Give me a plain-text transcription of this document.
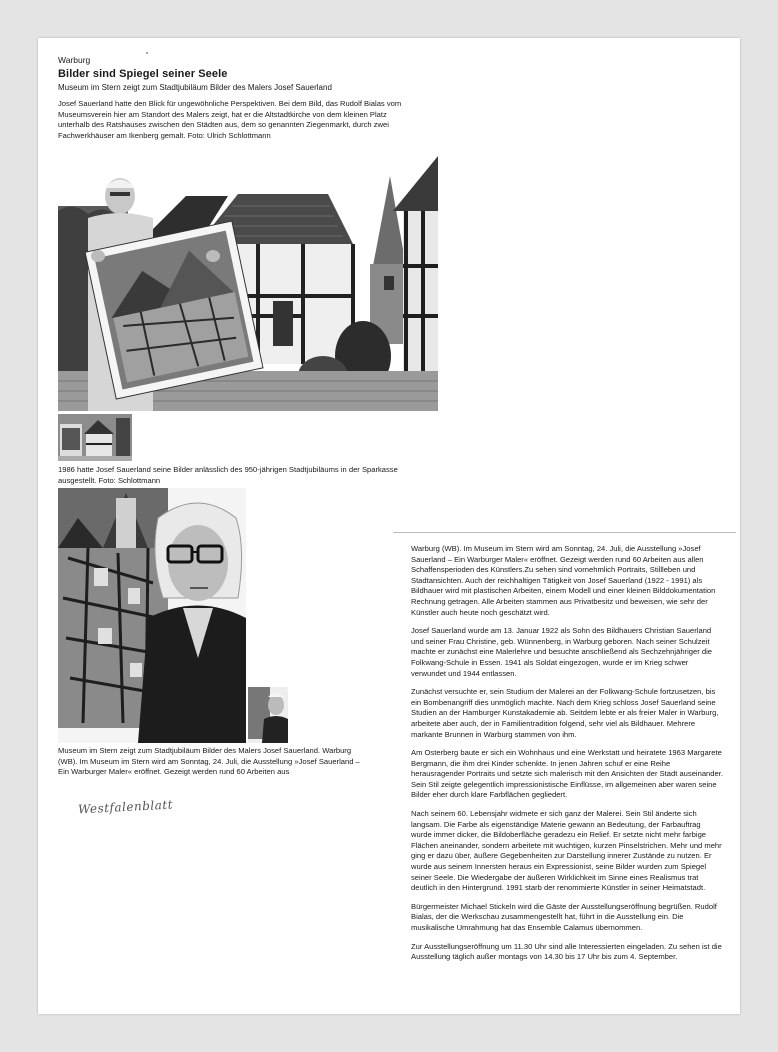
Warburg
Bilder sind Spiegel seiner Seele
Museum im Stern zeigt zum Stadtjubiläum Bilder des Malers Josef Sauerland
Josef Sauerland hatte den Blick für ungewöhnliche Perspektiven. Bei dem Bild, das Rudolf Bialas vom Museumsverein hier am Standort des Malers zeigt, hat er die Altstadtkirche von dem kleinen Platz unterhalb des Ratshauses zwischen den Städten aus, dem so genannten Ziegenmarkt, durch zwei Fachwerkhäuser am Ikenberg gemalt. Foto: Ulrich Schlottmann
1986 hatte Josef Sauerland seine Bilder anlässlich des 950-jährigen Stadtjubiläums in der Sparkasse ausgestellt. Foto: Schlottmann
Museum im Stern zeigt zum Stadtjubiläum Bilder des Malers Josef Sauerland. Warburg (WB). Im Museum im Stern wird am Sonntag, 24. Juli, die Ausstellung »Josef Sauerland – Ein Warburger Maler« eröffnet. Gezeigt werden rund 60 Arbeiten aus
Westfalenblatt

Warburg (WB). Im Museum im Stern wird am Sonntag, 24. Juli, die Ausstellung »Josef Sauerland – Ein Warburger Maler« eröffnet. Gezeigt werden rund 60 Arbeiten aus allen Schaffensperioden des Künstlers.Zu sehen sind vornehmlich Portraits, Stillleben und Stadtansichten. Auch der reichhaltigen Tätigkeit von Josef Sauerland (1922 - 1991) als Bildhauer wird mit plastischen Arbeiten, einem Modell und einer kleinen Bilddokumentation Rechnung getragen. Alle Arbeiten stammen aus Privatbesitz und beweisen, wie sehr der Künstler auch heute noch geschätzt wird.

Josef Sauerland wurde am 13. Januar 1922 als Sohn des Bildhauers Christian Sauerland und seiner Frau Christine, geb. Wünnenberg, in Warburg geboren. Nach seiner Schulzeit machte er zunächst eine Malerlehre und besuchte anschließend als Sechzehnjähriger die Folkwang-Schule in Essen. 1941 als Soldat eingezogen, wurde er im Krieg schwer verwundet und 1944 entlassen.

Zunächst versuchte er, sein Studium der Malerei an der Folkwang-Schule fortzusetzen, bis ein Bombenangriff dies unmöglich machte. Nach dem Krieg schloss Josef Sauerland seine Studien an der Hamburger Kunstakademie ab. Seitdem lebte er als freier Maler in Warburg, arbeitete aber auch, der in Familientradition folgend, sehr viel als Bildhauer. Mehrere markante Brunnen in Warburg stammen von ihm.

Am Osterberg baute er sich ein Wohnhaus und eine Werkstatt und heiratete 1963 Margarete Bergmann, die ihm drei Kinder schenkte. In jenen Jahren schuf er eine Reihe herausragender Portraits und setzte sich malerisch mit den Ansichten der Stadt auseinander. Sein Stil zeigte gelegentlich impressionistische Einflüsse, im allgemeinen aber waren seine Bilder eher durch klare Farbflächen gegliedert.

Nach seinem 60. Lebensjahr widmete er sich ganz der Malerei. Sein Stil änderte sich langsam. Die Farbe als eigenständige Materie gewann an Bedeutung, der Farbauftrag wurde immer dicker, die Bildoberfläche geradezu ein Relief. Er setzte nicht mehr farbige Flächen aneinander, sondern arbeitete mit wuchtigen, kurzen Pinselstrichen. Mehr und mehr ging er dazu über, äußere Gegebenheiten zur Darstellung innerer Zustände zu nutzen. Er wurde aus seinem Innersten heraus ein Expressionist, seine Bilder wurden zum Spiegel seiner Seele. Die Wiedergabe der äußeren Wirklichkeit im Sinne eines Realismus trat deutlich in den Hintergrund. 1991 starb der renommierte Künstler in seiner Heimatstadt.

Bürgermeister Michael Stickeln wird die Gäste der Ausstellungseröffnung begrüßen. Rudolf Bialas, der die Werkschau zusammengestellt hat, führt in die Ausstellung ein. Die musikalische Umrahmung hat das Ensemble Calamus übernommen.

Zur Ausstellungseröffnung um 11.30 Uhr sind alle Interessierten eingeladen. Zu sehen ist die Ausstellung täglich außer montags von 14.30 bis 17 Uhr bis zum 4. September.
